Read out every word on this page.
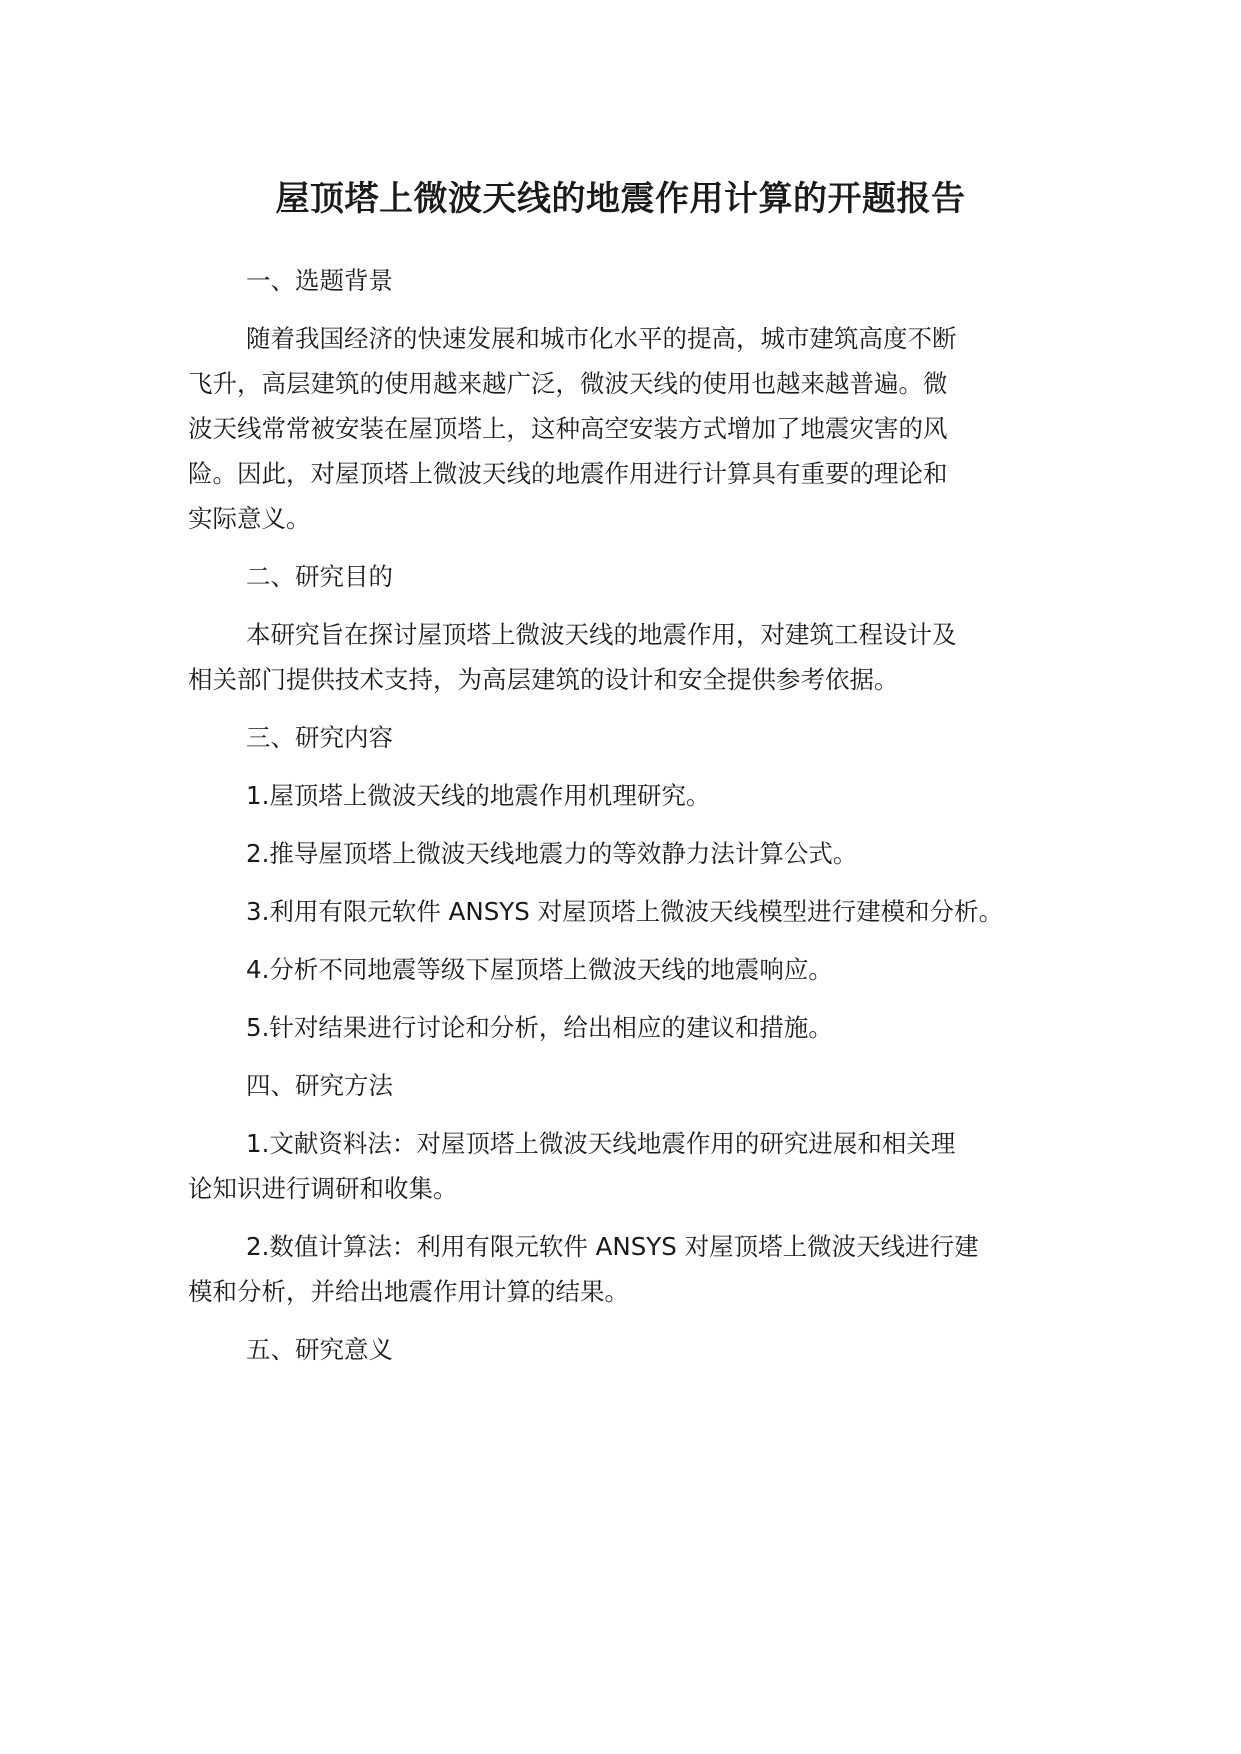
屋顶塔上微波天线的地震作用计算的开题报告
一、选题背景
随着我国经济的快速发展和城市化水平的提高，城市建筑高度不断
飞升，高层建筑的使用越来越广泛，微波天线的使用也越来越普遍。微
波天线常常被安装在屋顶塔上，这种高空安装方式增加了地震灾害的风
险。因此，对屋顶塔上微波天线的地震作用进行计算具有重要的理论和
实际意义。
二、研究目的
本研究旨在探讨屋顶塔上微波天线的地震作用，对建筑工程设计及
相关部门提供技术支持，为高层建筑的设计和安全提供参考依据。
三、研究内容
1.屋顶塔上微波天线的地震作用机理研究。
2.推导屋顶塔上微波天线地震力的等效静力法计算公式。
3.利用有限元软件 ANSYS 对屋顶塔上微波天线模型进行建模和分析。
4.分析不同地震等级下屋顶塔上微波天线的地震响应。
5.针对结果进行讨论和分析，给出相应的建议和措施。
四、研究方法
1.文献资料法：对屋顶塔上微波天线地震作用的研究进展和相关理
论知识进行调研和收集。
2.数值计算法：利用有限元软件 ANSYS 对屋顶塔上微波天线进行建
模和分析，并给出地震作用计算的结果。
五、研究意义
